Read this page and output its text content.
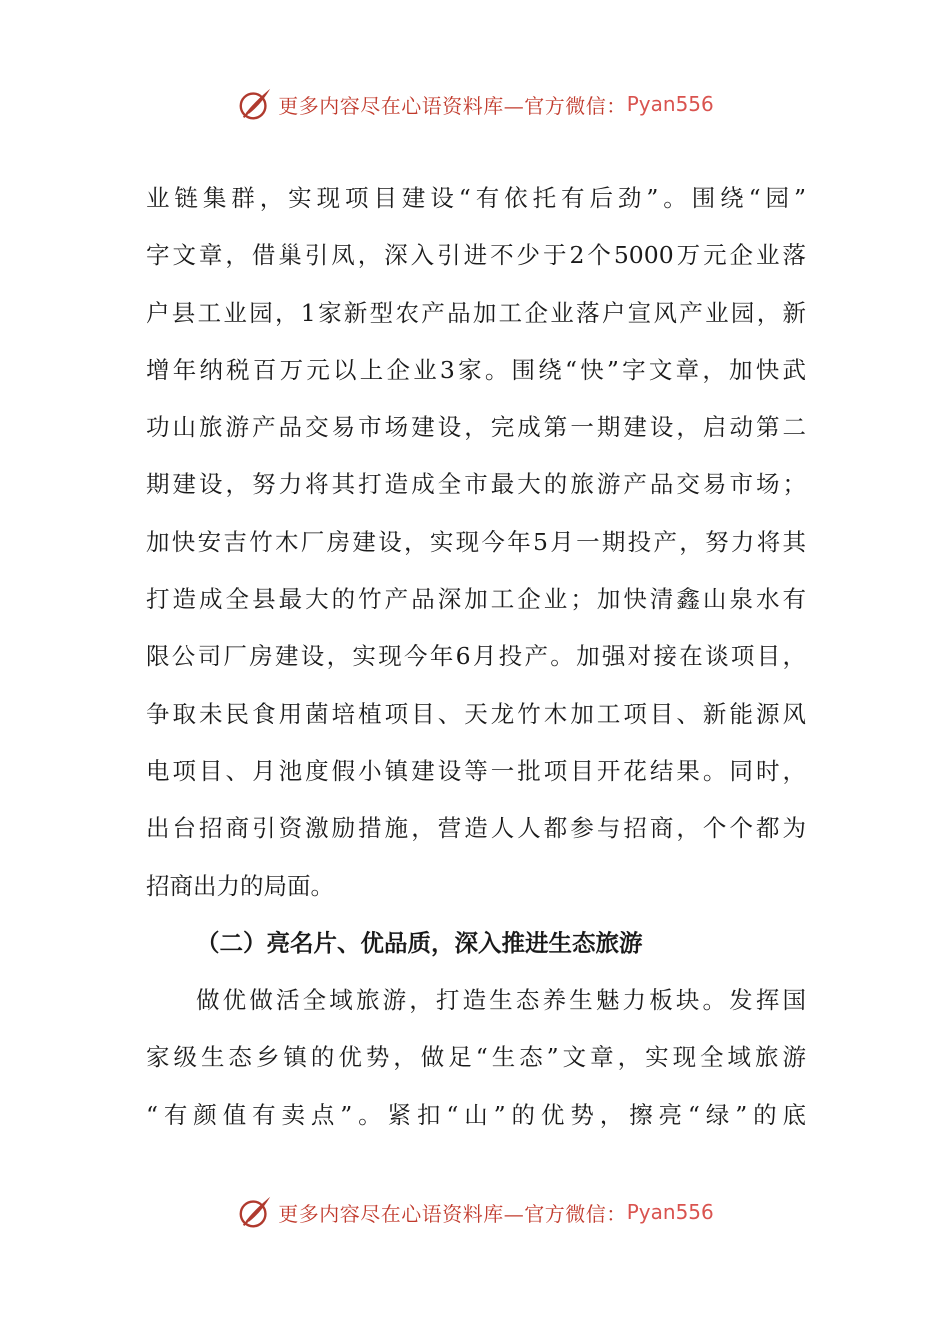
更多内容尽在心语资料库—官方微信： Pyan556
业链集群，实现项目建设“有依托有后劲”。围绕“园”
字文章，借巢引凤，深入引进不少于2个5000万元企业落
户县工业园，1家新型农产品加工企业落户宣风产业园，新
增年纳税百万元以上企业3家。围绕“快”字文章，加快武
功山旅游产品交易市场建设，完成第一期建设，启动第二
期建设，努力将其打造成全市最大的旅游产品交易市场；
加快安吉竹木厂房建设，实现今年5月一期投产，努力将其
打造成全县最大的竹产品深加工企业；加快清鑫山泉水有
限公司厂房建设，实现今年6月投产。加强对接在谈项目，
争取未民食用菌培植项目、天龙竹木加工项目、新能源风
电项目、月池度假小镇建设等一批项目开花结果。同时，
出台招商引资激励措施，营造人人都参与招商，个个都为
招商出力的局面。
（二）亮名片、优品质，深入推进生态旅游
做优做活全域旅游，打造生态养生魅力板块。发挥国
家级生态乡镇的优势，做足“生态”文章，实现全域旅游
“有颜值有卖点”。紧扣“山”的优势，擦亮“绿”的底
更多内容尽在心语资料库—官方微信： Pyan556
